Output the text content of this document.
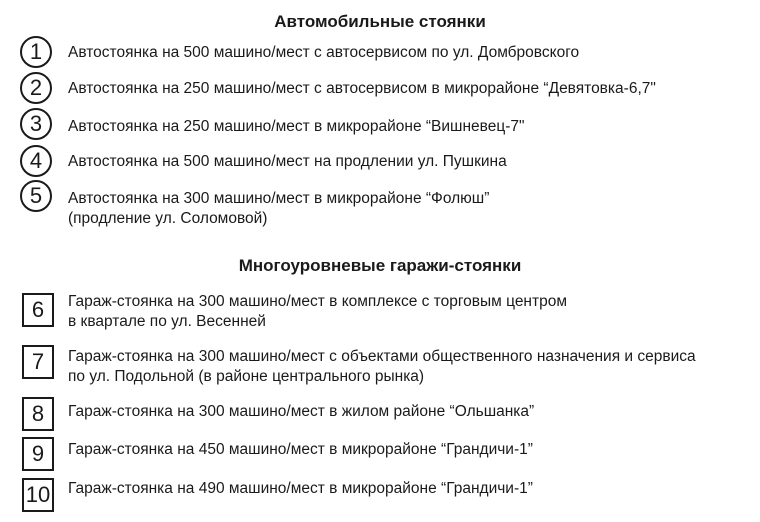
Автомобильные стоянки
1	Автостоянка на 500 машино/мест с автосервисом по ул. Домбровского
2	Автостоянка на 250 машино/мест с автосервисом в микрорайоне “Девятовка-6,7"
3	Автостоянка на 250 машино/мест в микрорайоне “Вишневец-7"
4	Автостоянка на 500 машино/мест на продлении ул. Пушкина
5	Автостоянка на 300 машино/мест в микрорайоне “Фолюш”
(продление ул. Соломовой)
Многоуровневые гаражи-стоянки
6	Гараж-стоянка на 300 машино/мест в комплексе с торговым центром
в квартале по ул. Весенней
7	Гараж-стоянка на 300 машино/мест с объектами общественного назначения и сервиса
по ул. Подольной (в районе центрального рынка)
8	Гараж-стоянка на 300 машино/мест в жилом районе “Ольшанка”
9	Гараж-стоянка на 450 машино/мест в микрорайоне “Грандичи-1”
10 Гараж-стоянка на 490 машино/мест в микрорайоне “Грандичи-1”
